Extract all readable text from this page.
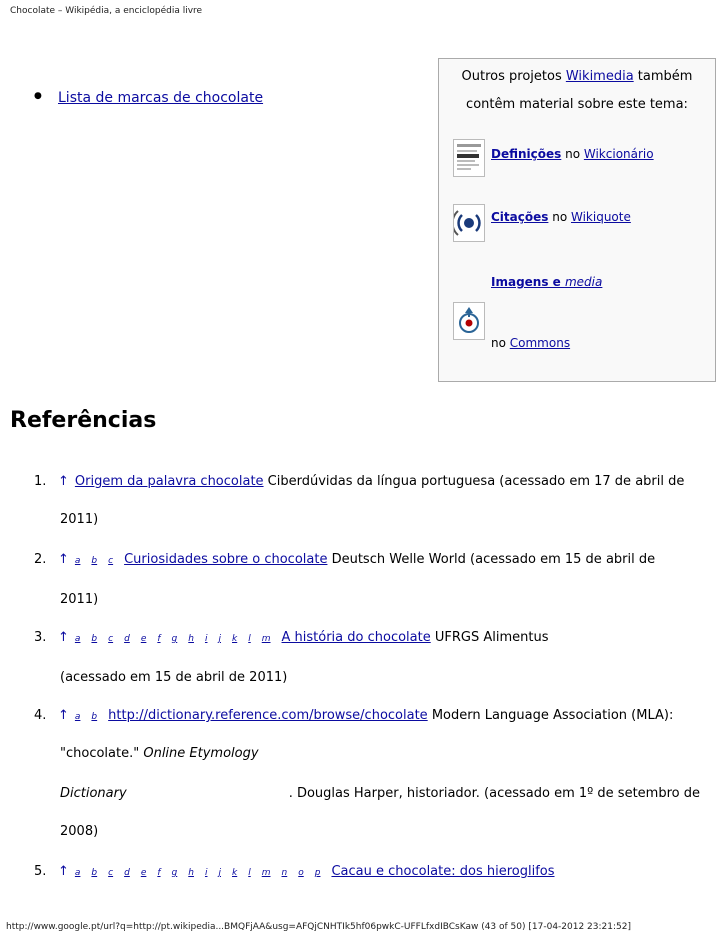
Chocolate – Wikipédia, a enciclopédia livre
● Lista de marcas de chocolate
Outros projetos Wikimedia também
contêm material sobre este tema:
Definições no Wikcionário
Citações no Wikiquote
Imagens e media
no Commons
Referências
1. ↑ Origem da palavra chocolate Ciberdúvidas da língua portuguesa (acessado em 17 de abril de
2011)
2. ↑ a b c Curiosidades sobre o chocolate Deutsch Welle World (acessado em 15 de abril de
2011)
3. ↑ a b c d e f g h i j k l m A história do chocolate UFRGS Alimentus
(acessado em 15 de abril de 2011)
4. ↑ a b http://dictionary.reference.com/browse/chocolate Modern Language Association (MLA):
"chocolate." Online Etymology
Dictionary	. Douglas Harper, historiador. (acessado em 1º de setembro de
2008)
5. ↑ a b c d e f g h i j k l m n o p Cacau e chocolate: dos hieroglifos
http://www.google.pt/url?q=http://pt.wikipedia...BMQFjAA&usg=AFQjCNHTIk5hf06pwkC-UFFLfxdIBCsKaw (43 of 50) [17-04-2012 23:21:52]
